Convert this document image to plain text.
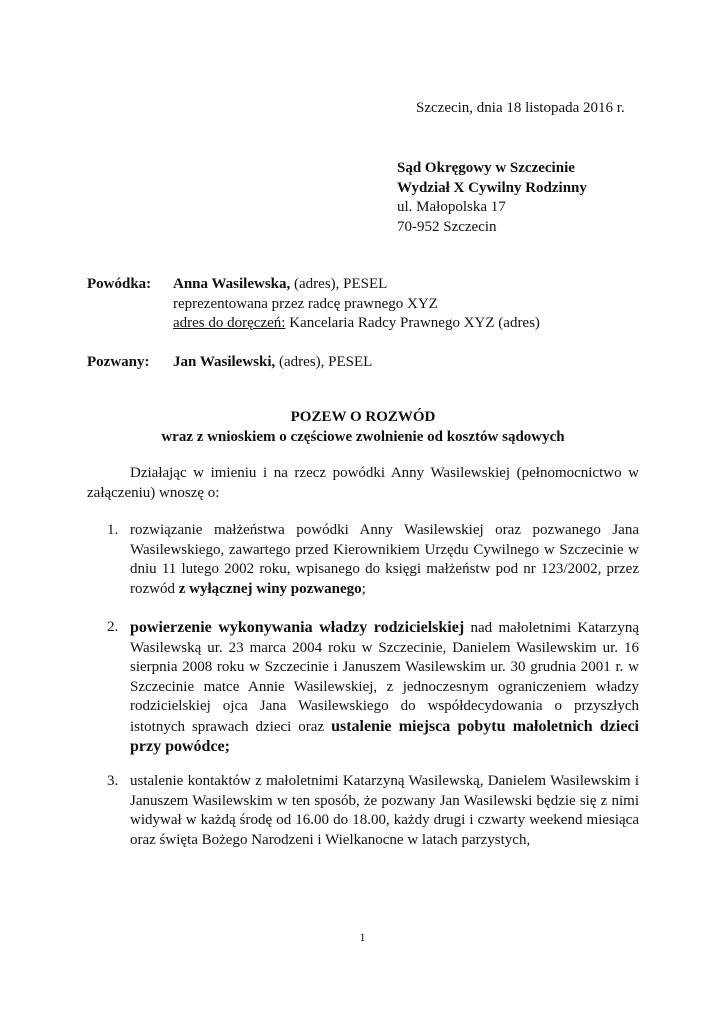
Szczecin, dnia 18 listopada 2016 r.
Sąd Okręgowy w Szczecinie
Wydział X Cywilny Rodzinny
ul. Małopolska 17
70-952 Szczecin
Powódka: Anna Wasilewska, (adres), PESEL
reprezentowana przez radcę prawnego XYZ
adres do doręczeń: Kancelaria Radcy Prawnego XYZ (adres)
Pozwany: Jan Wasilewski, (adres), PESEL
POZEW O ROZWÓD
wraz z wnioskiem o częściowe zwolnienie od kosztów sądowych
Działając w imieniu i na rzecz powódki Anny Wasilewskiej (pełnomocnictwo w załączeniu) wnoszę o:
1. rozwiązanie małżeństwa powódki Anny Wasilewskiej oraz pozwanego Jana Wasilewskiego, zawartego przed Kierownikiem Urzędu Cywilnego w Szczecinie w dniu 11 lutego 2002 roku, wpisanego do księgi małżeństw pod nr 123/2002, przez rozwód z wyłącznej winy pozwanego;
2. powierzenie wykonywania władzy rodzicielskiej nad małoletnimi Katarzyną Wasilewską ur. 23 marca 2004 roku w Szczecinie, Danielem Wasilewskim ur. 16 sierpnia 2008 roku w Szczecinie i Januszem Wasilewskim ur. 30 grudnia 2001 r. w Szczecinie matce Annie Wasilewskiej, z jednoczesnym ograniczeniem władzy rodzicielskiej ojca Jana Wasilewskiego do współdecydowania o przyszłych istotnych sprawach dzieci oraz ustalenie miejsca pobytu małoletnich dzieci przy powódce;
3. ustalenie kontaktów z małoletnimi Katarzyną Wasilewską, Danielem Wasilewskim i Januszem Wasilewskim w ten sposób, że pozwany Jan Wasilewski będzie się z nimi widywał w każdą środę od 16.00 do 18.00, każdy drugi i czwarty weekend miesiąca oraz święta Bożego Narodzeni i Wielkanocne w latach parzystych,
1
